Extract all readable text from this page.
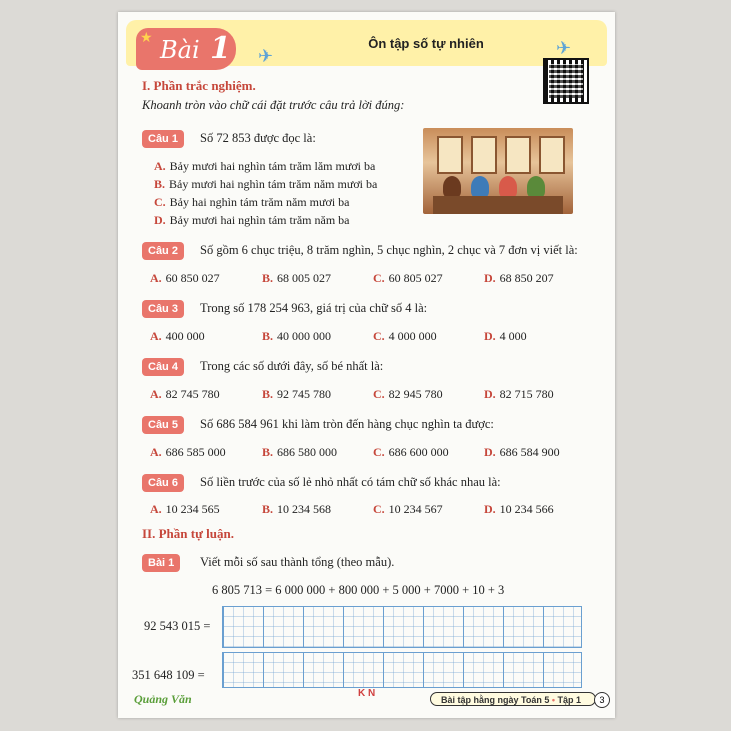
★ Bài 1 ✈	✈
Ôn tập số tự nhiên
I. Phần trắc nghiệm.
Khoanh tròn vào chữ cái đặt trước câu trả lời đúng:
Câu 1	Số 72 853 được đọc là:
A. Bảy mươi hai nghìn tám trăm lăm mươi ba
B. Bảy mươi hai nghìn tám trăm năm mươi ba
C. Bảy hai nghìn tám trăm năm mươi ba
D. Bảy mươi hai nghìn tám trăm năm ba
Câu 2	Số gồm 6 chục triệu, 8 trăm nghìn, 5 chục nghìn, 2 chục và 7 đơn vị viết là:
A. 60 850 027	B. 68 005 027	C. 60 805 027	D. 68 850 207
Câu 3	Trong số 178 254 963, giá trị của chữ số 4 là:
A. 400 000	B. 40 000 000	C. 4 000 000	D. 4 000
Câu 4	Trong các số dưới đây, số bé nhất là:
A. 82 745 780	B. 92 745 780	C. 82 945 780	D. 82 715 780
Câu 5	Số 686 584 961 khi làm tròn đến hàng chục nghìn ta được:
A. 686 585 000	B. 686 580 000	C. 686 600 000	D. 686 584 900
Câu 6	Số liền trước của số lẻ nhỏ nhất có tám chữ số khác nhau là:
A. 10 234 565	B. 10 234 568	C. 10 234 567	D. 10 234 566
II. Phần tự luận.
Bài 1	Viết mỗi số sau thành tổng (theo mẫu).
6 805 713 = 6 000 000 + 800 000 + 5 000 + 7000 + 10 + 3
92 543 015 =
351 648 109 =
Quảng Văn	K N
Bài tập hằng ngày Toán 5 • Tập 1	3
